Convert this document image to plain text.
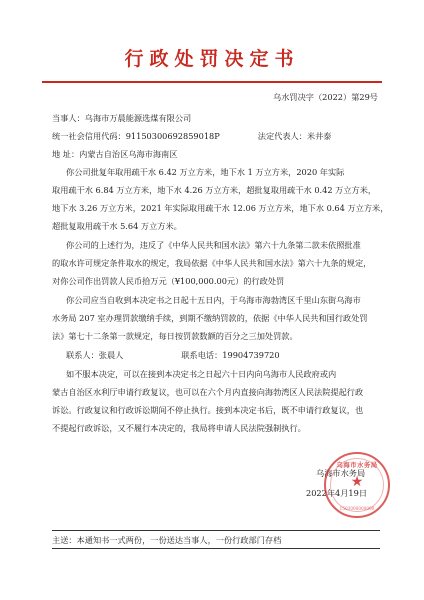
行政处罚决定书
乌水罚决字（2022）第29号
当事人：乌海市万晨能源选煤有限公司
统一社会信用代码：91150300692859018P	法定代表人：米井泰
地 址：内蒙古自治区乌海市海南区
你公司批复年取用疏干水 6.42 万立方米，地下水 1 万立方米，2020 年实际
取用疏干水 6.84 万立方米，地下水 4.26 万立方米，超批复取用疏干水 0.42 万立方米，
地下水 3.26 万立方米，2021 年实际取用疏干水 12.06 万立方米，地下水 0.64 万立方米，
超批复取用疏干水 5.64 万立方米。
你公司的上述行为，违反了《中华人民共和国水法》第六十九条第二款未依照批准
的取水许可规定条件取水的规定，我局依据《中华人民共和国水法》第六十九条的规定，
对你公司作出罚款人民币拾万元（¥100,000.00元）的行政处罚
你公司应当自收到本决定书之日起十五日内，于乌海市海勃湾区千里山东街乌海市
水务局 207 室办理罚款缴纳手续，到期不缴纳罚款的，依据《中华人民共和国行政处罚
法》第七十二条第一款规定，每日按罚款数额的百分之三加处罚款。
联系人：张晨人	联系电话：19904739720
如不服本决定，可以在接到本决定书之日起六十日内向乌海市人民政府或内
蒙古自治区水利厅申请行政复议，也可以在六个月内直接向海勃湾区人民法院提起行政
诉讼。行政复议和行政诉讼期间不停止执行。接到本决定书后，既不申请行政复议，也
不提起行政诉讼，又不履行本决定的，我局将申请人民法院强制执行。
乌海市水务局
2022年4月19日
乌海市水务局
★
1503000000000
主送：本通知书一式两份，一份送达当事人，一份行政部门存档
